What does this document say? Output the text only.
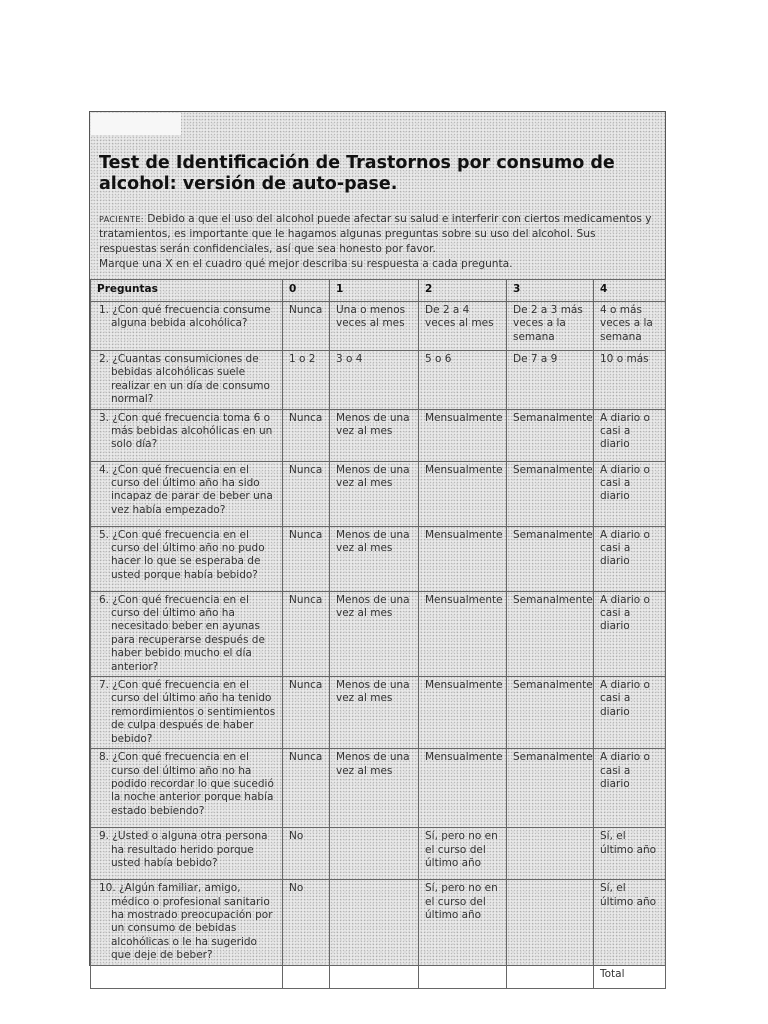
Test de Identificación de Trastornos por consumo de alcohol: versión de auto-pase.

PACIENTE: Debido a que el uso del alcohol puede afectar su salud e interferir con ciertos medicamentos y tratamientos, es importante que le hagamos algunas preguntas sobre su uso del alcohol. Sus respuestas serán confidenciales, así que sea honesto por favor.
Marque una X en el cuadro qué mejor describa su respuesta a cada pregunta.

Preguntas	0	1	2	3	4

1. ¿Con qué frecuencia consume alguna bebida alcohólica?	Nunca	Una o menos veces al mes	De 2 a 4 veces al mes	De 2 a 3 más veces a la semana	4 o más veces a la semana

2. ¿Cuantas consumiciones de bebidas alcohólicas suele realizar en un día de consumo normal?	1 o 2	3 o 4	5 o 6	De 7 a 9	10 o más

3. ¿Con qué frecuencia toma 6 o más bebidas alcohólicas en un solo día?	Nunca	Menos de una vez al mes	Mensualmente	Semanalmente	A diario o casi a diario

4. ¿Con qué frecuencia en el curso del último año ha sido incapaz de parar de beber una vez había empezado?	Nunca	Menos de una vez al mes	Mensualmente	Semanalmente	A diario o casi a diario

5. ¿Con qué frecuencia en el curso del último año no pudo hacer lo que se esperaba de usted porque había bebido?	Nunca	Menos de una vez al mes	Mensualmente	Semanalmente	A diario o casi a diario

6. ¿Con qué frecuencia en el curso del último año ha necesitado beber en ayunas para recuperarse después de haber bebido mucho el día anterior?	Nunca	Menos de una vez al mes	Mensualmente	Semanalmente	A diario o casi a diario

7. ¿Con qué frecuencia en el curso del último año ha tenido remordimientos o sentimientos de culpa después de haber bebido?	Nunca	Menos de una vez al mes	Mensualmente	Semanalmente	A diario o casi a diario

8. ¿Con qué frecuencia en el curso del último año no ha podido recordar lo que sucedió la noche anterior porque había estado bebiendo?	Nunca	Menos de una vez al mes	Mensualmente	Semanalmente	A diario o casi a diario

9. ¿Usted o alguna otra persona ha resultado herido porque usted había bebido?	No		Sí, pero no en el curso del último año		Sí, el último año

10. ¿Algún familiar, amigo, médico o profesional sanitario ha mostrado preocupación por un consumo de bebidas alcohólicas o le ha sugerido que deje de beber?	No		Sí, pero no en el curso del último año		Sí, el último año
					Total
